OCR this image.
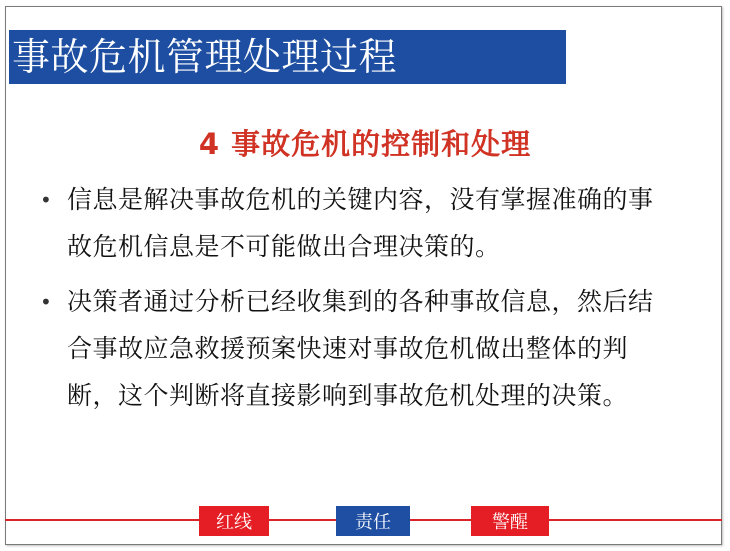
事故危机管理处理过程
4 事故危机的控制和处理
• 信息是解决事故危机的关键内容，没有掌握准确的事故危机信息是不可能做出合理决策的。
• 决策者通过分析已经收集到的各种事故信息，然后结合事故应急救援预案快速对事故危机做出整体的判断，这个判断将直接影响到事故危机处理的决策。
红线	责任	警醒
